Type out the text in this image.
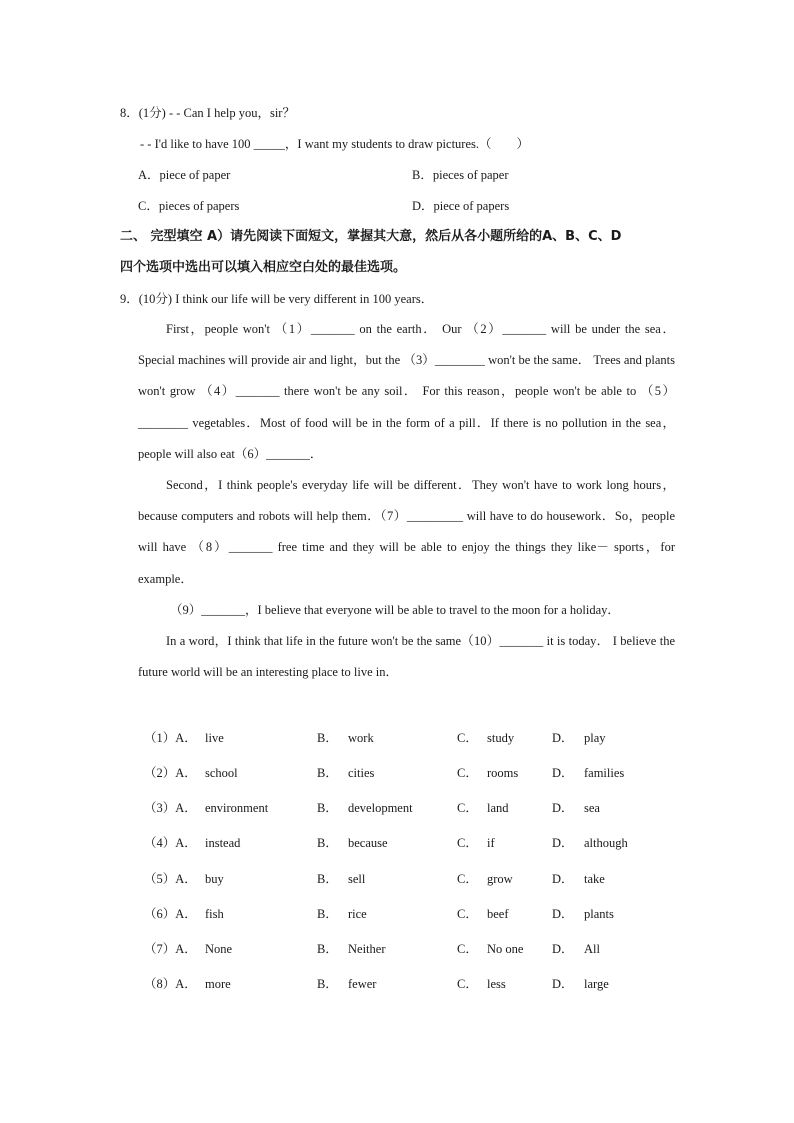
8．(1分) - - Can I help you，sir？
- - I'd like to have 100 _____，I want my students to draw pictures.（　　）
A．piece of paper	B．pieces of paper
C．pieces of papers	D．piece of papers
二、 完型填空 A）请先阅读下面短文，掌握其大意，然后从各小题所给的A、B、C、D
四个选项中选出可以填入相应空白处的最佳选项。
9．(10分) I think our life will be very different in 100 years．

First，people won't （1）_______ on the earth． Our （2）_______ will be under the sea． Special machines will provide air and light，but the （3）________ won't be the same． Trees and plants won't grow （4）_______ there won't be any soil． For this reason，people won't be able to （5）________ vegetables．Most of food will be in the form of a pill．If there is no pollution in the sea，people will also eat（6）_______．

Second，I think people's everyday life will be different．They won't have to work long hours， because computers and robots will help them．（7）_________ will have to do housework．So，people will have （8）_______ free time and they will be able to enjoy the things they like－ sports，for example．

（9）_______，I believe that everyone will be able to travel to the moon for a holiday．

In a word，I think that life in the future won't be the same（10）_______ it is today． I believe the future world will be an interesting place to live in．

（1）A． live	B． work	C． study	D． play
（2）A． school	B． cities	C． rooms	D． families
（3）A． environment	B． development	C． land	D． sea
（4）A． instead	B． because	C． if	D． although
（5）A． buy	B． sell	C． grow	D． take
（6）A． fish	B． rice	C． beef	D． plants
（7）A． None	B． Neither	C． No one D． All
（8）A． more	B． fewer	C． less	D． large
